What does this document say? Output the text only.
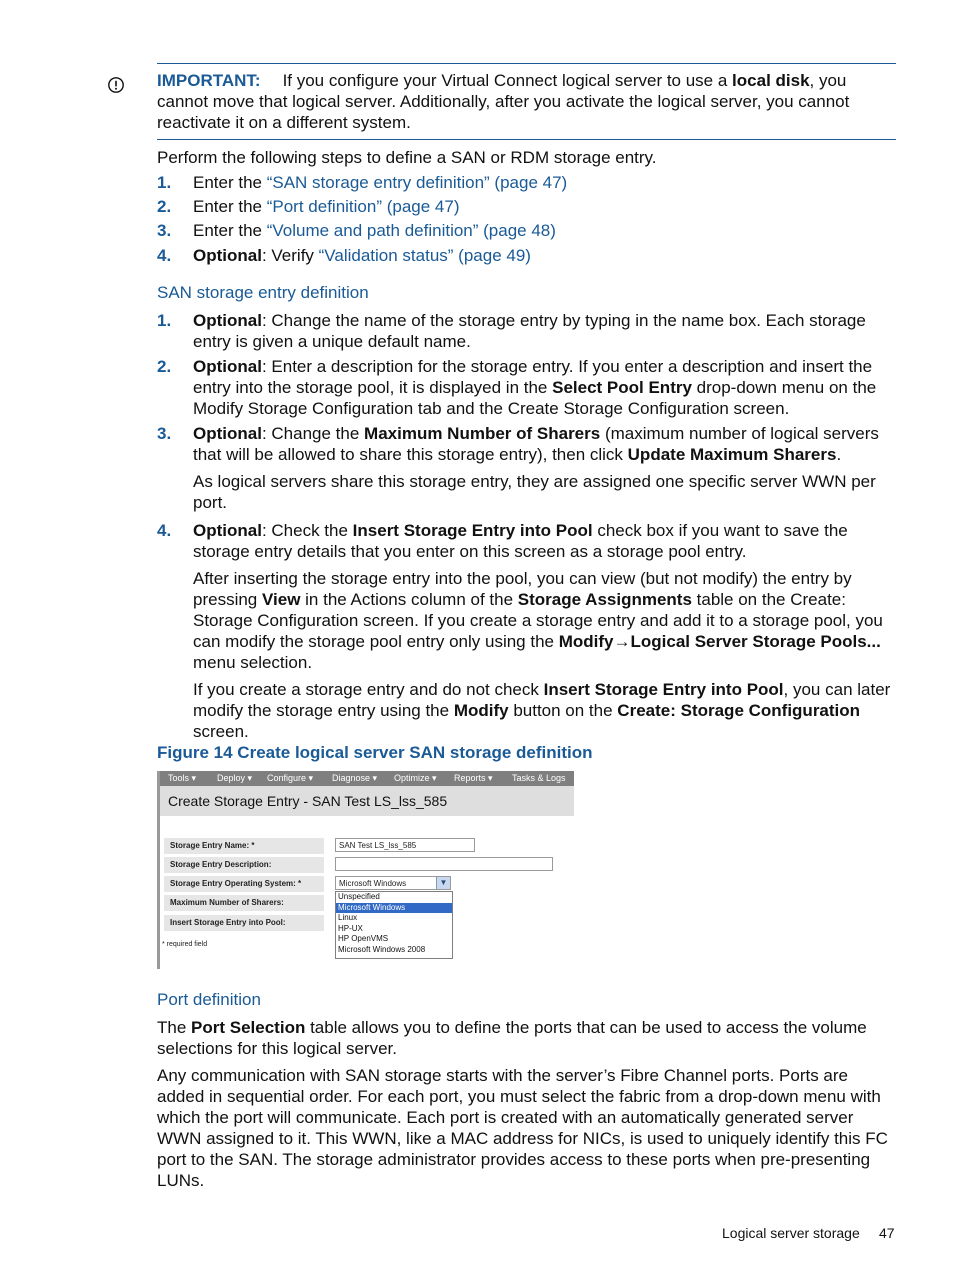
IMPORTANT: If you configure your Virtual Connect logical server to use a local disk, you cannot move that logical server. Additionally, after you activate the logical server, you cannot reactivate it on a different system.
Perform the following steps to define a SAN or RDM storage entry.
1. Enter the “SAN storage entry definition” (page 47)
2. Enter the “Port definition” (page 47)
3. Enter the “Volume and path definition” (page 48)
4. Optional: Verify “Validation status” (page 49)
SAN storage entry definition
1. Optional: Change the name of the storage entry by typing in the name box. Each storage entry is given a unique default name.
2. Optional: Enter a description for the storage entry. If you enter a description and insert the entry into the storage pool, it is displayed in the Select Pool Entry drop-down menu on the Modify Storage Configuration tab and the Create Storage Configuration screen.
3. Optional: Change the Maximum Number of Sharers (maximum number of logical servers that will be allowed to share this storage entry), then click Update Maximum Sharers.

As logical servers share this storage entry, they are assigned one specific server WWN per port.

4. Optional: Check the Insert Storage Entry into Pool check box if you want to save the storage entry details that you enter on this screen as a storage pool entry.

After inserting the storage entry into the pool, you can view (but not modify) the entry by pressing View in the Actions column of the Storage Assignments table on the Create: Storage Configuration screen. If you create a storage entry and add it to a storage pool, you can modify the storage pool entry only using the Modify→Logical Server Storage Pools... menu selection.

If you create a storage entry and do not check Insert Storage Entry into Pool, you can later modify the storage entry using the Modify button on the Create: Storage Configuration screen.

Figure 14 Create logical server SAN storage definition
Tools ▾ Deploy ▾ Configure ▾ Diagnose ▾ Optimize ▾ Reports ▾ Tasks & Logs
Create Storage Entry - SAN Test LS_lss_585
Storage Entry Name: *
Storage Entry Description:
Storage Entry Operating System: *
Maximum Number of Sharers:
Insert Storage Entry into Pool:
* required field
SAN Test LS_lss_585
Microsoft Windows	▼
Unspecified
Microsoft Windows
Linux
HP-UX
HP OpenVMS
Microsoft Windows 2008
Port definition
The Port Selection table allows you to define the ports that can be used to access the volume selections for this logical server.
Any communication with SAN storage starts with the server’s Fibre Channel ports. Ports are added in sequential order. For each port, you must select the fabric from a drop-down menu with which the port will communicate. Each port is created with an automatically generated server WWN assigned to it. This WWN, like a MAC address for NICs, is used to uniquely identify this FC port to the SAN. The storage administrator provides access to these ports when pre-presenting LUNs.
Logical server storage 47
